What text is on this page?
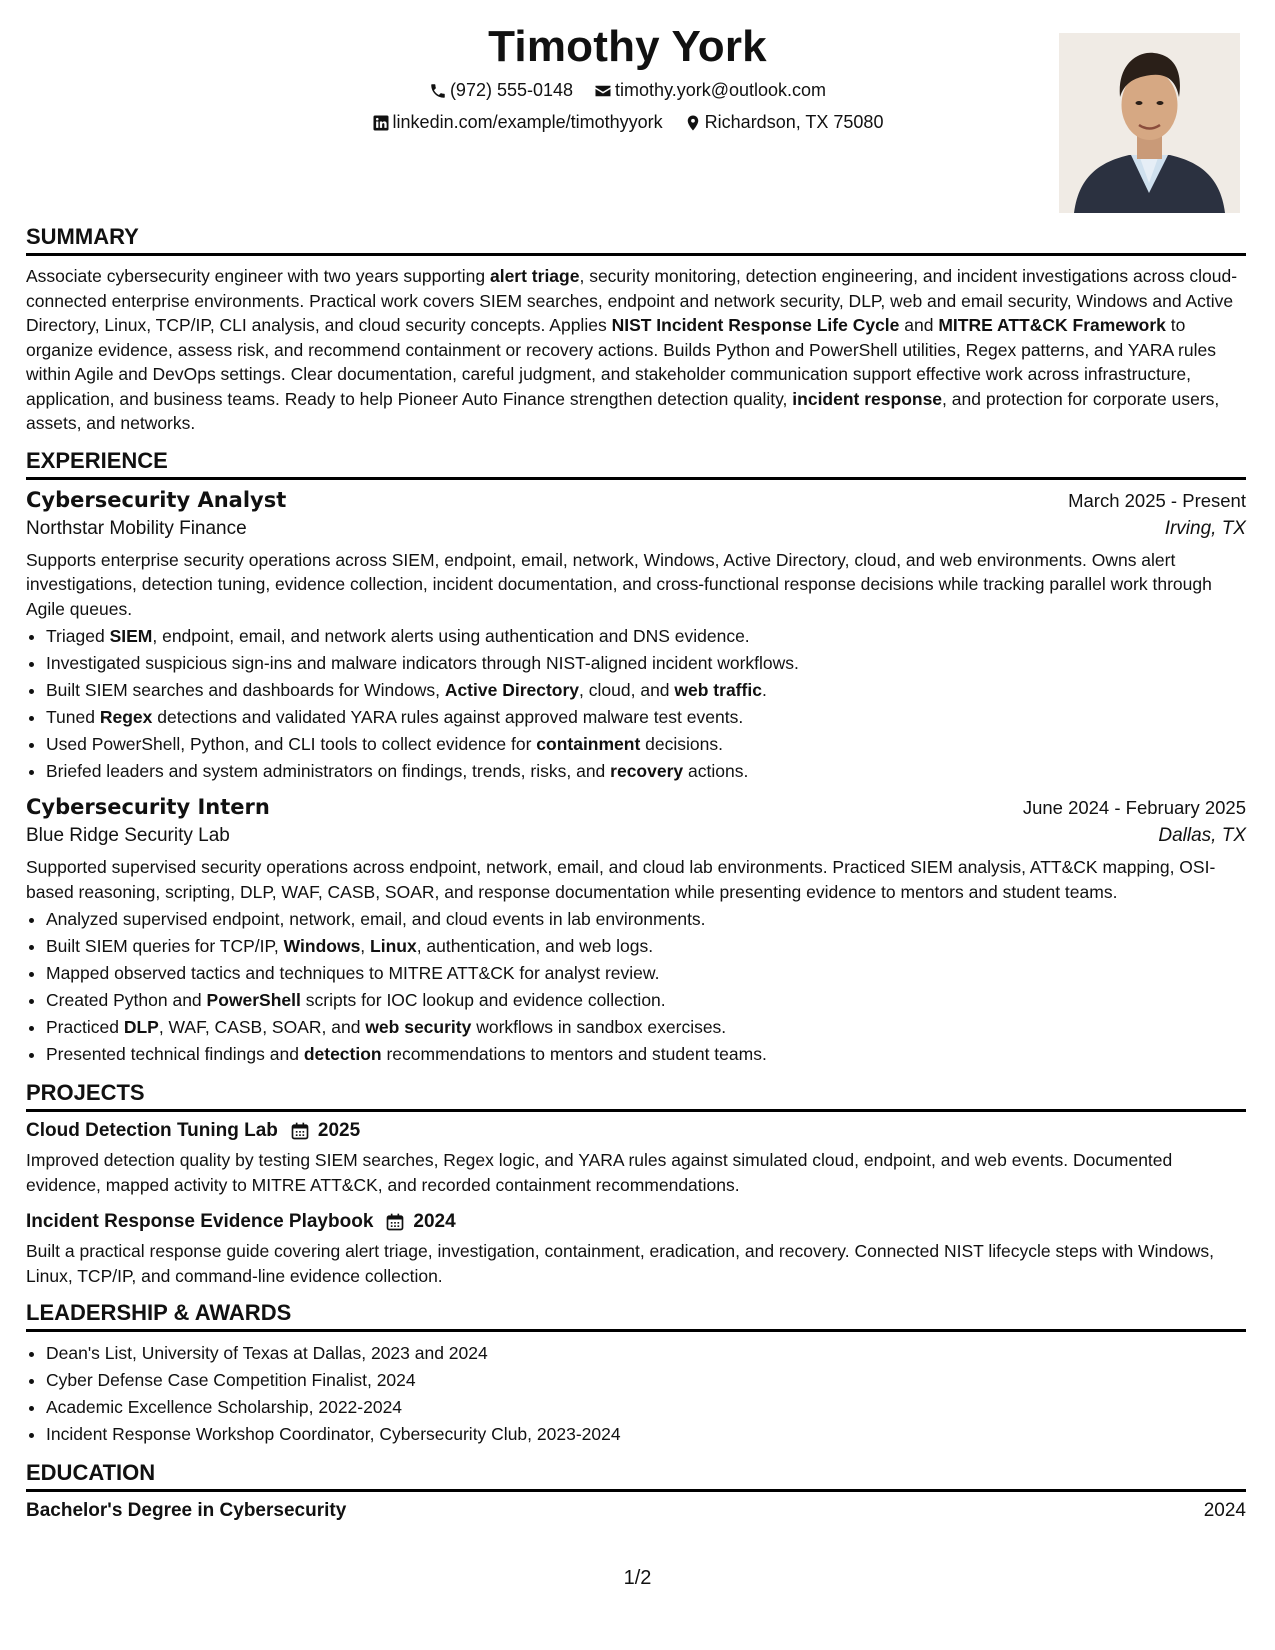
Timothy York
(972) 555-0148
timothy.york@outlook.com
linkedin.com/example/timothyyork
Richardson, TX 75080
SUMMARY

Associate cybersecurity engineer with two years supporting alert triage, security monitoring, detection engineering, and incident investigations across cloud-connected enterprise environments. Practical work covers SIEM searches, endpoint and network security, DLP, web and email security, Windows and Active Directory, Linux, TCP/IP, CLI analysis, and cloud security concepts. Applies NIST Incident Response Life Cycle and MITRE ATT&CK Framework to organize evidence, assess risk, and recommend containment or recovery actions. Builds Python and PowerShell utilities, Regex patterns, and YARA rules within Agile and DevOps settings. Clear documentation, careful judgment, and stakeholder communication support effective work across infrastructure, application, and business teams. Ready to help Pioneer Auto Finance strengthen detection quality, incident response, and protection for corporate users, assets, and networks.

EXPERIENCE
Cybersecurity Analyst	March 2025 - Present
Northstar Mobility Finance	Irving, TX

Supports enterprise security operations across SIEM, endpoint, email, network, Windows, Active Directory, cloud, and web environments. Owns alert investigations, detection tuning, evidence collection, incident documentation, and cross-functional response decisions while tracking parallel work through Agile queues.

• Triaged SIEM, endpoint, email, and network alerts using authentication and DNS evidence.
• Investigated suspicious sign-ins and malware indicators through NIST-aligned incident workflows.
• Built SIEM searches and dashboards for Windows, Active Directory, cloud, and web traffic.
• Tuned Regex detections and validated YARA rules against approved malware test events.
• Used PowerShell, Python, and CLI tools to collect evidence for containment decisions.
• Briefed leaders and system administrators on findings, trends, risks, and recovery actions.
Cybersecurity Intern	June 2024 - February 2025
Blue Ridge Security Lab	Dallas, TX

Supported supervised security operations across endpoint, network, email, and cloud lab environments. Practiced SIEM analysis, ATT&CK mapping, OSI-based reasoning, scripting, DLP, WAF, CASB, SOAR, and response documentation while presenting evidence to mentors and student teams.

• Analyzed supervised endpoint, network, email, and cloud events in lab environments.
• Built SIEM queries for TCP/IP, Windows, Linux, authentication, and web logs.
• Mapped observed tactics and techniques to MITRE ATT&CK for analyst review.
• Created Python and PowerShell scripts for IOC lookup and evidence collection.
• Practiced DLP, WAF, CASB, SOAR, and web security workflows in sandbox exercises.
• Presented technical findings and detection recommendations to mentors and student teams.
PROJECTS
Cloud Detection Tuning Lab 2025

Improved detection quality by testing SIEM searches, Regex logic, and YARA rules against simulated cloud, endpoint, and web events. Documented evidence, mapped activity to MITRE ATT&CK, and recorded containment recommendations.

Incident Response Evidence Playbook 2024

Built a practical response guide covering alert triage, investigation, containment, eradication, and recovery. Connected NIST lifecycle steps with Windows, Linux, TCP/IP, and command-line evidence collection.

LEADERSHIP & AWARDS
• Dean's List, University of Texas at Dallas, 2023 and 2024
• Cyber Defense Case Competition Finalist, 2024
• Academic Excellence Scholarship, 2022-2024
• Incident Response Workshop Coordinator, Cybersecurity Club, 2023-2024
EDUCATION
Bachelor's Degree in Cybersecurity	2024
1/2
